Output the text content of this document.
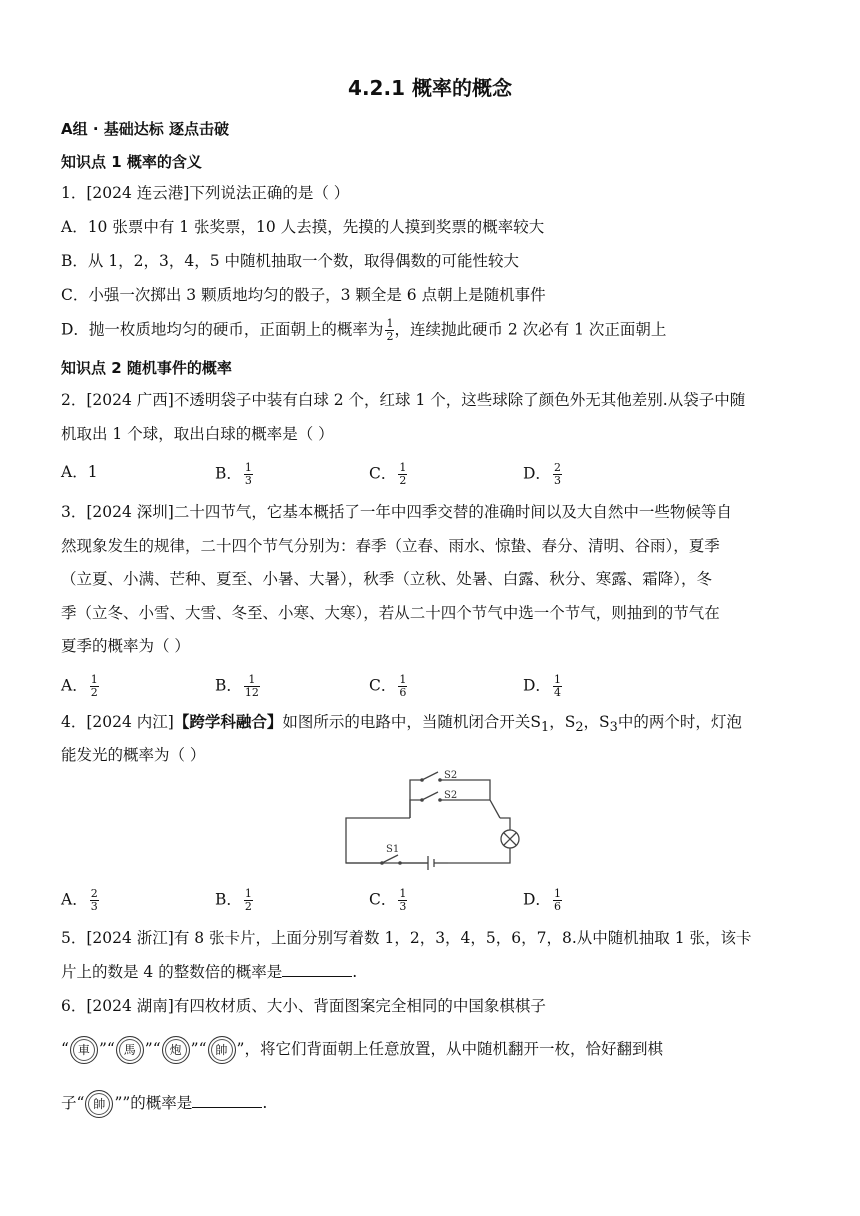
4.2.1 概率的概念
A组 · 基础达标 逐点击破
知识点 1 概率的含义
1．[2024 连云港]下列说法正确的是（ ）
A．10 张票中有 1 张奖票，10 人去摸，先摸的人摸到奖票的概率较大
B．从 1，2，3，4，5 中随机抽取一个数，取得偶数的可能性较大
C．小强一次掷出 3 颗质地均匀的骰子，3 颗全是 6 点朝上是随机事件
D．抛一枚质地均匀的硬币，正面朝上的概率为 $\frac{1}{2}$ ，连续抛此硬币 2 次必有 1 次正面朝上
知识点 2 随机事件的概率
2．[2024 广西]不透明袋子中装有白球 2 个，红球 1 个，这些球除了颜色外无其他差别.从袋子中随
机取出 1 个球，取出白球的概率是（ ）
A．1	B． $\frac{1}{3}$	C． $\frac{1}{2}$	D． $\frac{2}{3}$
3．[2024 深圳]二十四节气，它基本概括了一年中四季交替的准确时间以及大自然中一些物候等自
然现象发生的规律，二十四个节气分别为：春季（立春、雨水、惊蛰、春分、清明、谷雨），夏季
（立夏、小满、芒种、夏至、小暑、大暑），秋季（立秋、处暑、白露、秋分、寒露、霜降），冬
季（立冬、小雪、大雪、冬至、小寒、大寒），若从二十四个节气中选一个节气，则抽到的节气在
夏季的概率为（ ）
A． $\frac{1}{2}$	B． $\frac{1}{12}$	C． $\frac{1}{6}$	D． $\frac{1}{4}$
4．[2024 内江]【跨学科融合】如图所示的电路中，当随机闭合开关$S_1$，$S_2$，$S_3$中的两个时，灯泡
能发光的概率为（ ）
S2
S2
S1
A． $\frac{2}{3}$	B． $\frac{1}{2}$	C． $\frac{1}{3}$	D． $\frac{1}{6}$
5．[2024 浙江]有 8 张卡片，上面分别写着数 1，2，3，4，5，6，7，8.从中随机抽取 1 张，该卡
片上的数是 4 的整数倍的概率是	.
6．[2024 湖南]有四枚材质、大小、背面图案完全相同的中国象棋棋子
“ 車 ”“ 馬 ”“ 炮 ”“ 帥 ”，将它们背面朝上任意放置，从中随机翻开一枚，恰好翻到棋
子“ 帥 ””的概率是	.
